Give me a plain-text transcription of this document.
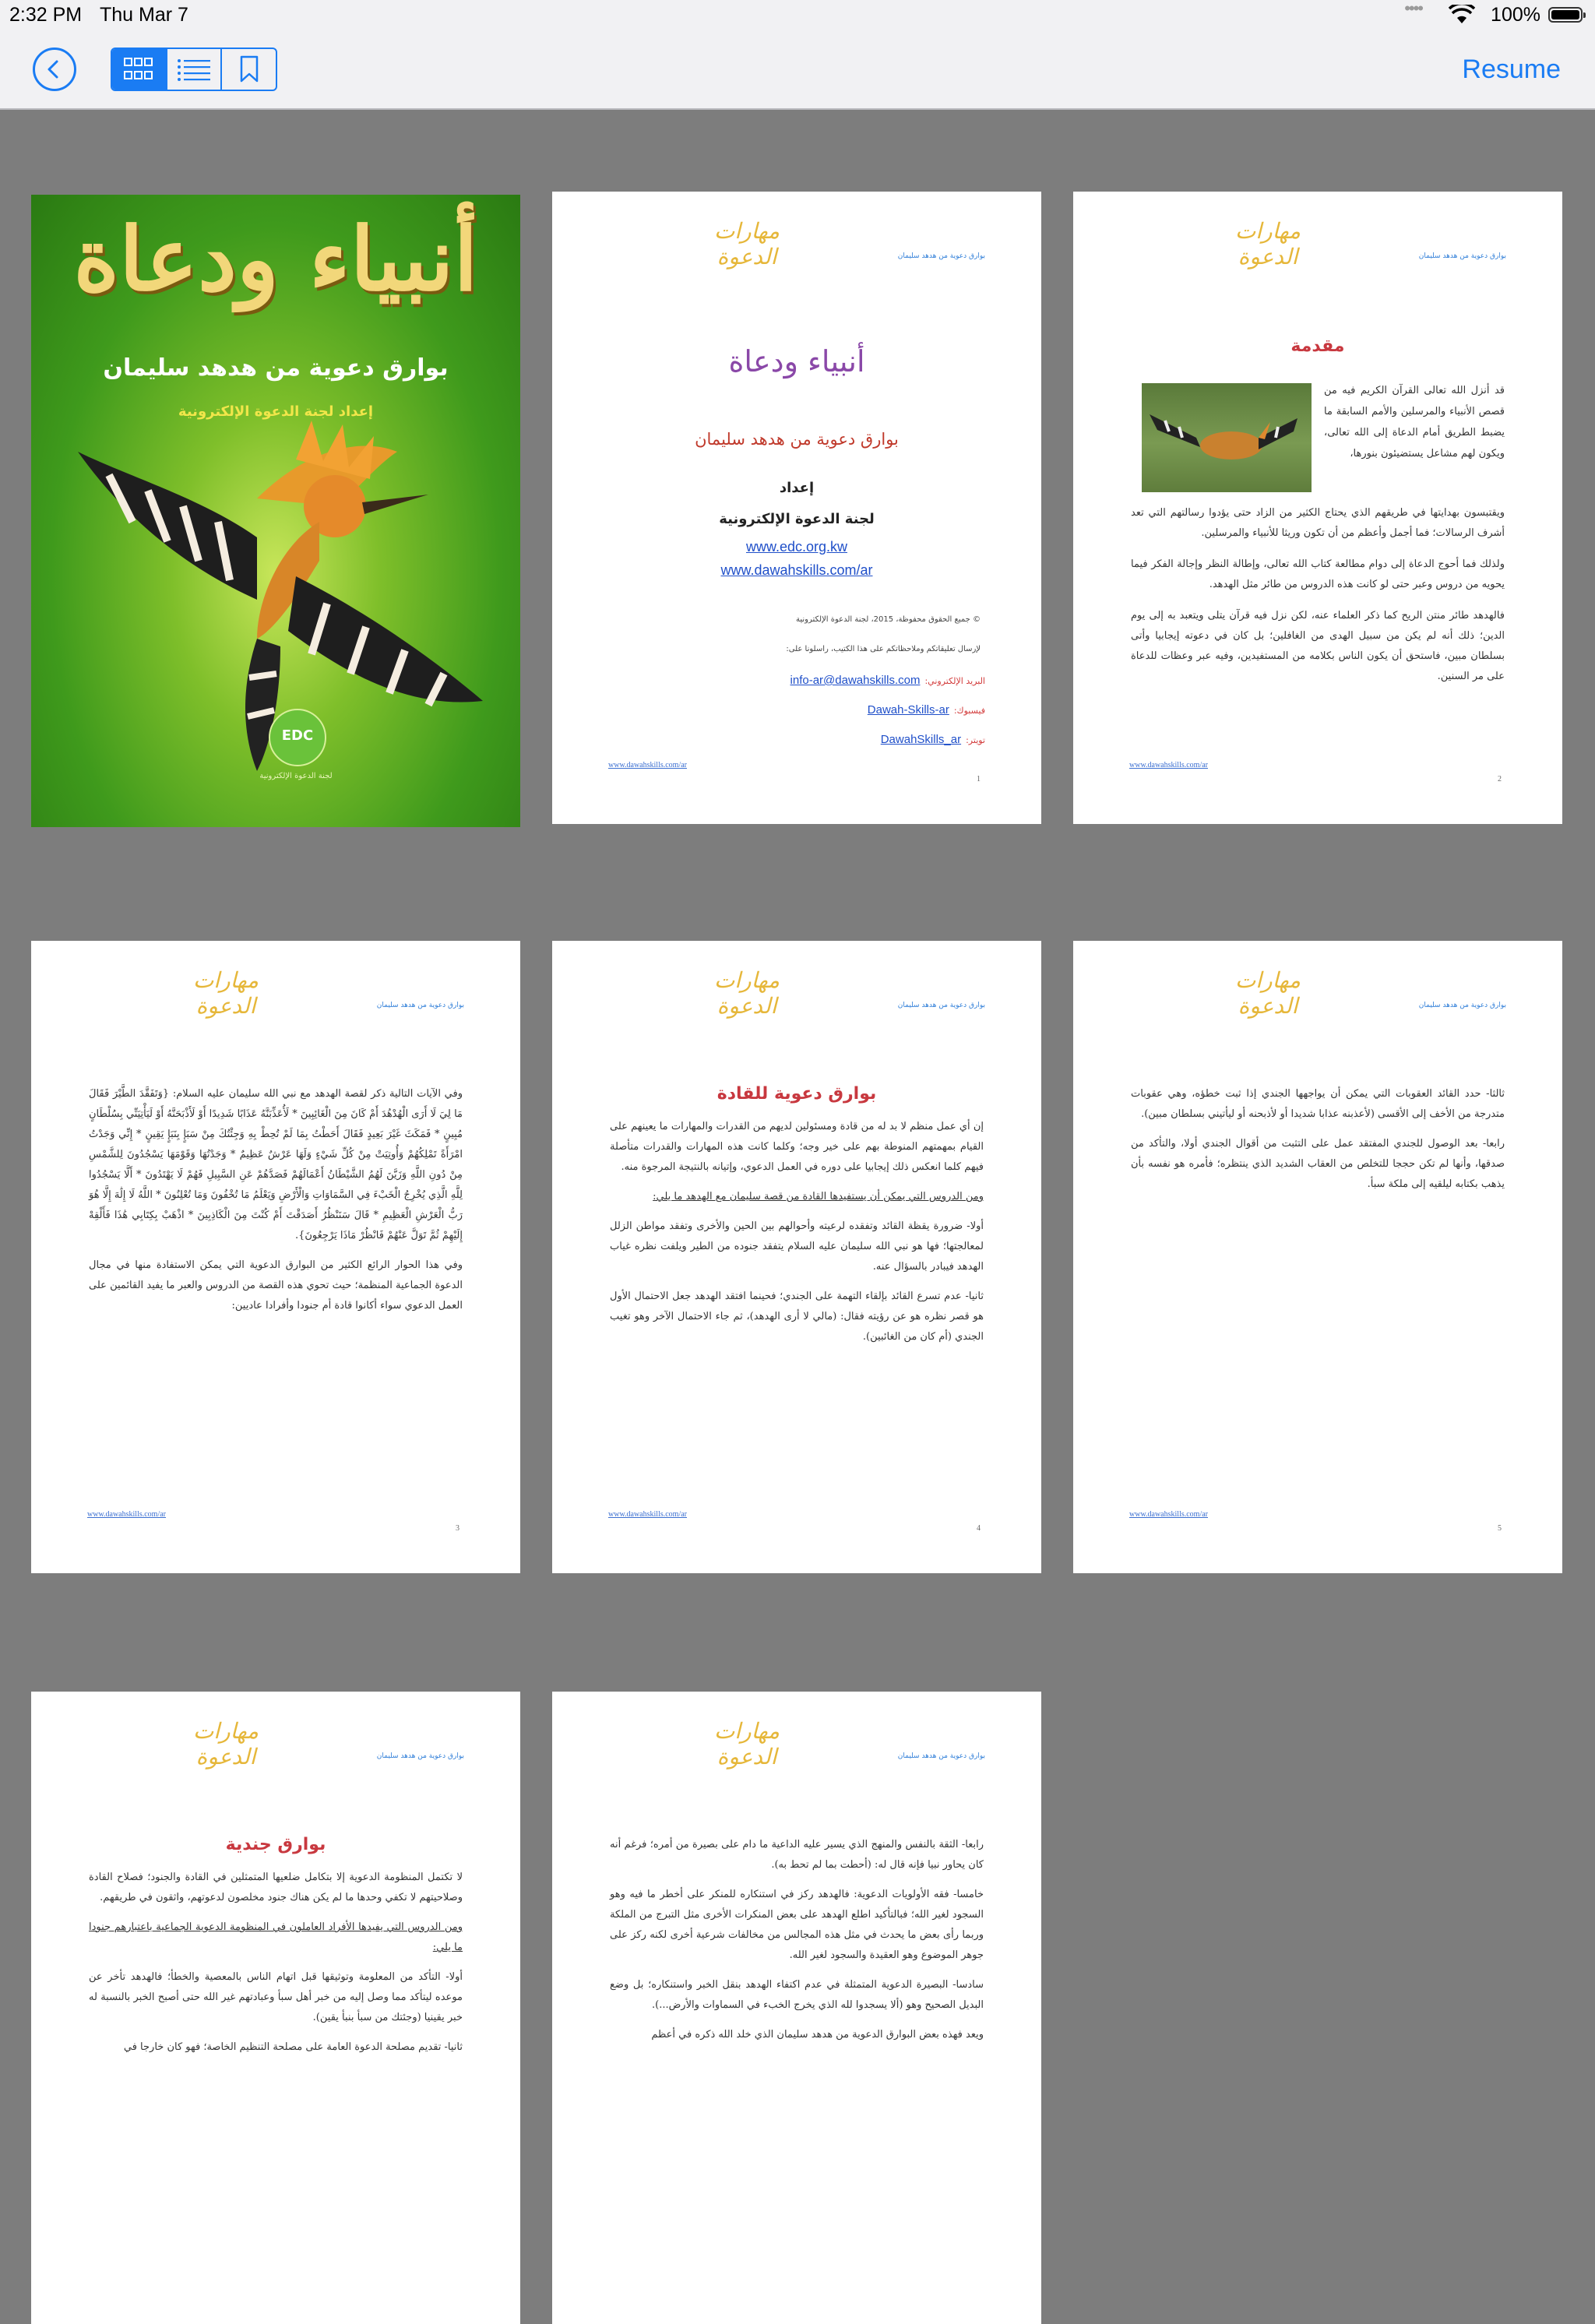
2:32 PM Thu Mar 7	••••	100%
Resume
أنبياء ودعاة
بوارق دعوية من هدهد سليمان
إعداد لجنة الدعوة الإلكترونية
EDC
لجنة الدعوة الإلكترونية
مهارات الدعوة	بوارق دعوية من هدهد سليمان
أنبياء ودعاة
بوارق دعوية من هدهد سليمان
إعداد
لجنة الدعوة الإلكترونية
www.edc.org.kw
www.dawahskills.com/ar
© جميع الحقوق محفوظة، 2015، لجنة الدعوة الإلكترونية
لإرسال تعليقاتكم وملاحظاتكم على هذا الكتيب، راسلونا على:
البريد الإلكتروني:info-ar@dawahskills.com
فيسبوك:Dawah-Skills-ar
تويتر:DawahSkills_ar
www.dawahskills.com/ar
1
مهارات الدعوة	بوارق دعوية من هدهد سليمان
مقدمة
قد أنزل الله تعالى القرآن الكريم فيه من قصص الأنبياء والمرسلين والأمم السابقة ما يضبط الطريق أمام الدعاة إلى الله تعالى، ويكون لهم مشاعل يستضيئون بنورها،

ويقتبسون بهدايتها في طريقهم الذي يحتاج الكثير من الزاد حتى يؤدوا رسالتهم التي تعد أشرف الرسالات؛ فما أجمل وأعظم من أن تكون وريثا للأنبياء والمرسلين.

ولذلك فما أحوج الدعاة إلى دوام مطالعة كتاب الله تعالى، وإطالة النظر وإجالة الفكر فيما يحويه من دروس وعبر حتى لو كانت هذه الدروس من طائر مثل الهدهد.

فالهدهد طائر منتن الريح كما ذكر العلماء عنه، لكن نزل فيه قرآن يتلى ويتعبد به إلى يوم الدين؛ ذلك أنه لم يكن من سبيل الهدى من الغافلين؛ بل كان في دعوته إيجابيا وأتى بسلطان مبين، فاستحق أن يكون الناس بكلامه من المستفيدين، وفيه عبر وعظات للدعاة على مر السنين.

www.dawahskills.com/ar
2
مهارات الدعوة	بوارق دعوية من هدهد سليمان

وفي الآيات التالية ذكر لقصة الهدهد مع نبي الله سليمان عليه السلام: {وَتَفَقَّدَ الطَّيْرَ فَقَالَ مَا لِيَ لَا أَرَى الْهُدْهُدَ أَمْ كَانَ مِنَ الْغَائِبِينَ * لَأُعَذِّبَنَّهُ عَذَابًا شَدِيدًا أَوْ لَأَذْبَحَنَّهُ أَوْ لَيَأْتِيَنِّي بِسُلْطَانٍ مُبِينٍ * فَمَكَثَ غَيْرَ بَعِيدٍ فَقَالَ أَحَطْتُ بِمَا لَمْ تُحِطْ بِهِ وَجِئْتُكَ مِنْ سَبَإٍ بِنَبَإٍ يَقِينٍ * إِنِّي وَجَدْتُ امْرَأَةً تَمْلِكُهُمْ وَأُوتِيَتْ مِنْ كُلِّ شَيْءٍ وَلَهَا عَرْشٌ عَظِيمٌ * وَجَدْتُهَا وَقَوْمَهَا يَسْجُدُونَ لِلشَّمْسِ مِنْ دُونِ اللَّهِ وَزَيَّنَ لَهُمُ الشَّيْطَانُ أَعْمَالَهُمْ فَصَدَّهُمْ عَنِ السَّبِيلِ فَهُمْ لَا يَهْتَدُونَ * أَلَّا يَسْجُدُوا لِلَّهِ الَّذِي يُخْرِجُ الْخَبْءَ فِي السَّمَاوَاتِ وَالْأَرْضِ وَيَعْلَمُ مَا تُخْفُونَ وَمَا تُعْلِنُونَ * اللَّهُ لَا إِلَٰهَ إِلَّا هُوَ رَبُّ الْعَرْشِ الْعَظِيمِ * قَالَ سَنَنْظُرُ أَصَدَقْتَ أَمْ كُنْتَ مِنَ الْكَاذِبِينَ * اذْهَبْ بِكِتَابِي هَٰذَا فَأَلْقِهْ إِلَيْهِمْ ثُمَّ تَوَلَّ عَنْهُمْ فَانْظُرْ مَاذَا يَرْجِعُونَ}.

وفي هذا الحوار الرائع الكثير من البوارق الدعوية التي يمكن الاستفادة منها في مجال الدعوة الجماعية المنظمة؛ حيث تحوي هذه القصة من الدروس والعبر ما يفيد القائمين على العمل الدعوي سواء أكانوا قادة أم جنودا وأفرادا عاديين:

www.dawahskills.com/ar
3
مهارات الدعوة	بوارق دعوية من هدهد سليمان
بوارق دعوية للقادة

إن أي عمل منظم لا بد له من قادة ومسئولين لديهم من القدرات والمهارات ما يعينهم على القيام بمهمتهم المنوطة بهم على خير وجه؛ وكلما كانت هذه المهارات والقدرات متأصلة فيهم كلما انعكس ذلك إيجابيا على دوره في العمل الدعوي، وإتيانه بالنتيجة المرجوة منه.

ومن الدروس التي يمكن أن يستفيدها القادة من قصة سليمان مع الهدهد ما يلي:

أولا- ضرورة يقظة القائد وتفقده لرعيته وأحوالهم بين الحين والأخرى وتفقد مواطن الزلل لمعالجتها؛ فها هو نبي الله سليمان عليه السلام يتفقد جنوده من الطير ويلفت نظره غياب الهدهد فيبادر بالسؤال عنه.

ثانيا- عدم تسرع القائد بإلقاء التهمة على الجندي؛ فحينما افتقد الهدهد جعل الاحتمال الأول هو قصر نظره هو عن رؤيته فقال: (مالي لا أرى الهدهد)، ثم جاء الاحتمال الآخر وهو تغيب الجندي (أم كان من الغائبين).

www.dawahskills.com/ar
4
مهارات الدعوة	بوارق دعوية من هدهد سليمان

ثالثا- حدد القائد العقوبات التي يمكن أن يواجهها الجندي إذا ثبت خطؤه، وهي عقوبات متدرجة من الأخف إلى الأقسى (لأعذبنه عذابا شديدا أو لأذبحنه أو ليأتيني بسلطان مبين).

رابعا- بعد الوصول للجندي المفتقد عمل على التثبت من أقوال الجندي أولا، والتأكد من صدقها، وأنها لم تكن حججا للتخلص من العقاب الشديد الذي ينتظره؛ فأمره هو نفسه بأن يذهب بكتابه ليلقيه إلى ملكة سبأ.

www.dawahskills.com/ar
5
مهارات الدعوة	بوارق دعوية من هدهد سليمان
بوارق جندية

لا تكتمل المنظومة الدعوية إلا بتكامل ضلعيها المتمثلين في القادة والجنود؛ فصلاح القادة وصلاحيتهم لا تكفي وحدها ما لم يكن هناك جنود مخلصون لدعوتهم، واثقون في طريقهم.

ومن الدروس التي يفيدها الأفراد العاملون في المنظومة الدعوية الجماعية باعتبارهم جنودا ما يلي:

أولا- التأكد من المعلومة وتوثيقها قبل اتهام الناس بالمعصية والخطأ؛ فالهدهد تأخر عن موعده ليتأكد مما وصل إليه من خبر أهل سبأ وعبادتهم غير الله حتى أصبح الخبر بالنسبة له خبر يقينيا (وجئتك من سبأ بنبأ يقين).

ثانيا- تقديم مصلحة الدعوة العامة على مصلحة التنظيم الخاصة؛ فهو كان خارجا في

مهارات الدعوة	بوارق دعوية من هدهد سليمان

رابعا- الثقة بالنفس والمنهج الذي يسير عليه الداعية ما دام على بصيرة من أمره؛ فرغم أنه كان يحاور نبيا فإنه قال له: (أحطت بما لم تحط به).

خامسا- فقه الأولويات الدعوية: فالهدهد ركز في استنكاره للمنكر على أخطر ما فيه وهو السجود لغير الله؛ فبالتأكيد اطلع الهدهد على بعض المنكرات الأخرى مثل التبرج من الملكة وربما رأى بعض ما يحدث في مثل هذه المجالس من مخالفات شرعية أخرى لكنه ركز على جوهر الموضوع وهو العقيدة والسجود لغير الله.

سادسا- البصيرة الدعوية المتمثلة في عدم اكتفاء الهدهد بنقل الخبر واستنكاره؛ بل وضع البديل الصحيح وهو (ألا يسجدوا لله الذي يخرج الخبء في السماوات والأرض...).

ويعد فهذه بعض البوارق الدعوية من هدهد سليمان الذي خلد الله ذكره في أعظم
